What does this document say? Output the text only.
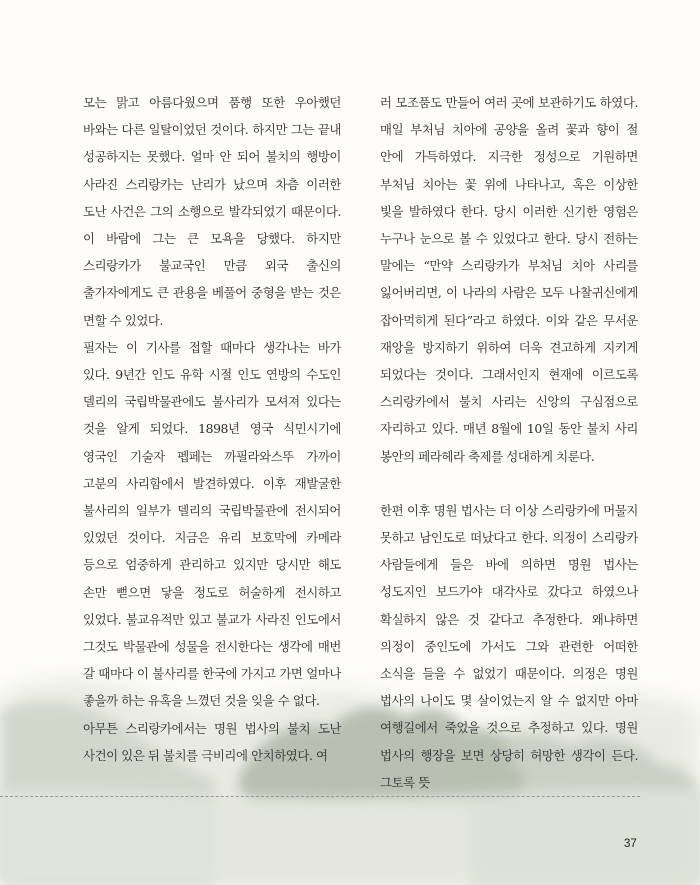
모는 맑고 아름다웠으며 품행 또한 우아했던 바와는 다른 일탈이었던 것이다. 하지만 그는 끝내 성공하지는 못했다. 얼마 안 되어 불치의 행방이 사라진 스리랑카는 난리가 났으며 차츰 이러한 도난 사건은 그의 소행으로 발각되었기 때문이다. 이 바람에 그는 큰 모욕을 당했다. 하지만 스리랑카가 불교국인 만큼 외국 출신의 출가자에게도 큰 관용을 베풀어 중형을 받는 것은 면할 수 있었다.

필자는 이 기사를 접할 때마다 생각나는 바가 있다. 9년간 인도 유학 시절 인도 연방의 수도인 델리의 국립박물관에도 불사리가 모셔져 있다는 것을 알게 되었다. 1898년 영국 식민시기에 영국인 기술자 펩페는 까필라와스뚜 가까이 고분의 사리함에서 발견하였다. 이후 재발굴한 불사리의 일부가 델리의 국립박물관에 전시되어 있었던 것이다. 지금은 유리 보호막에 카메라 등으로 엄중하게 관리하고 있지만 당시만 해도 손만 뻗으면 닿을 정도로 허술하게 전시하고 있었다. 불교유적만 있고 불교가 사라진 인도에서 그것도 박물관에 성물을 전시한다는 생각에 매번 갈 때마다 이 불사리를 한국에 가지고 가면 얼마나 좋을까 하는 유혹을 느꼈던 것을 잊을 수 없다.

아무튼 스리랑카에서는 명원 법사의 불치 도난 사건이 있은 뒤 불치를 극비리에 안치하였다. 여

러 모조품도 만들어 여러 곳에 보관하기도 하였다. 매일 부처님 치아에 공양을 올려 꽃과 향이 절 안에 가득하였다. 지극한 정성으로 기원하면 부처님 치아는 꽃 위에 나타나고, 혹은 이상한 빛을 발하였다 한다. 당시 이러한 신기한 영험은 누구나 눈으로 볼 수 있었다고 한다. 당시 전하는 말에는 “만약 스리랑카가 부처님 치아 사리를 잃어버리면, 이 나라의 사람은 모두 나찰귀신에게 잡아먹히게 된다”라고 하였다. 이와 같은 무서운 재앙을 방지하기 위하여 더욱 견고하게 지키게 되었다는 것이다. 그래서인지 현재에 이르도록 스리랑카에서 불치 사리는 신앙의 구심점으로 자리하고 있다. 매년 8월에 10일 동안 불치 사리 봉안의 페라헤라 축제를 성대하게 치룬다.

한편 이후 명원 법사는 더 이상 스리랑카에 머물지 못하고 남인도로 떠났다고 한다. 의정이 스리랑카 사람들에게 들은 바에 의하면 명원 법사는 성도지인 보드가야 대각사로 갔다고 하였으나 확실하지 않은 것 같다고 추정한다. 왜냐하면 의정이 중인도에 가서도 그와 관련한 어떠한 소식을 들을 수 없었기 때문이다. 의정은 명원 법사의 나이도 몇 살이었는지 알 수 없지만 아마 여행길에서 죽었을 것으로 추정하고 있다. 명원 법사의 행장을 보면 상당히 허망한 생각이 든다. 그토록 뜻

37
